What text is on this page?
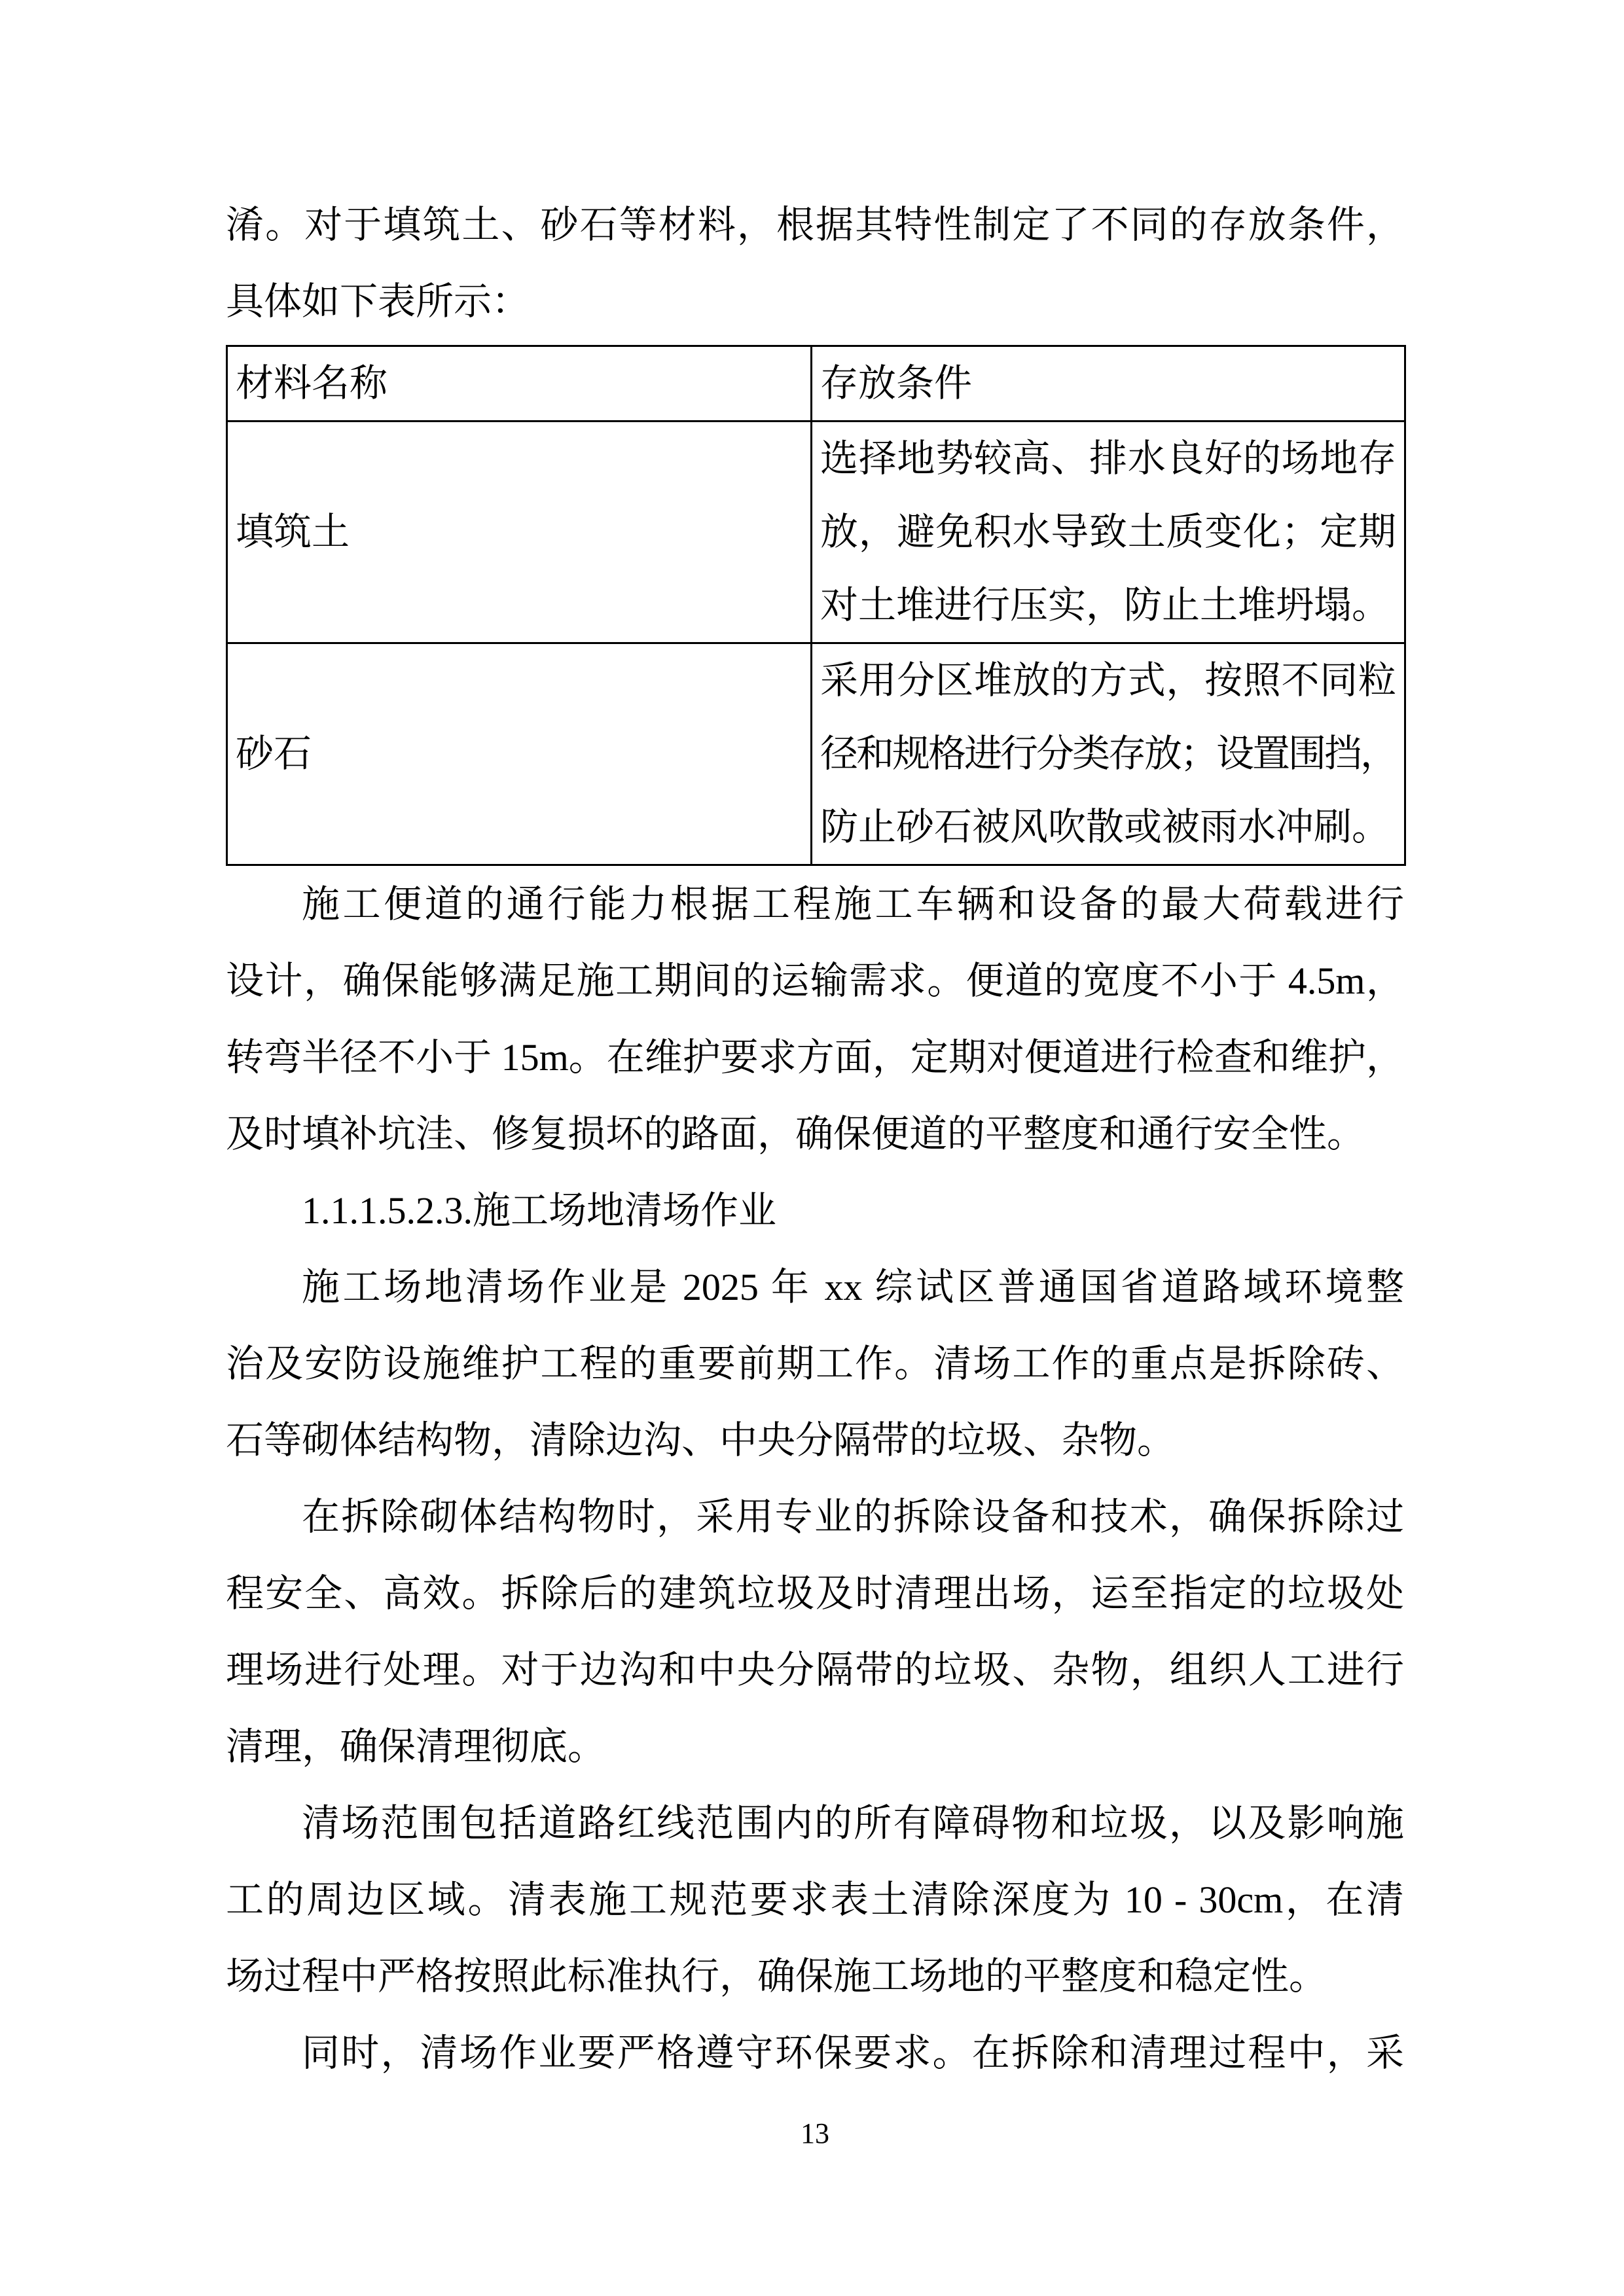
淆。对于填筑土、砂石等材料，根据其特性制定了不同的存放条件，
具体如下表所示：
材料名称	存放条件

填筑土	选择地势较高、排水良好的场地存
放，避免积水导致土质变化；定期
对土堆进行压实，防止土堆坍塌。

砂石	采用分区堆放的方式，按照不同粒
径和规格进行分类存放；设置围挡，
防止砂石被风吹散或被雨水冲刷。
施工便道的通行能力根据工程施工车辆和设备的最大荷载进行
设计，确保能够满足施工期间的运输需求。便道的宽度不小于 4.5m，
转弯半径不小于 15m。在维护要求方面，定期对便道进行检查和维护，
及时填补坑洼、修复损坏的路面，确保便道的平整度和通行安全性。
1.1.1.5.2.3.施工场地清场作业
施工场地清场作业是 2025 年 xx 综试区普通国省道路域环境整
治及安防设施维护工程的重要前期工作。清场工作的重点是拆除砖、
石等砌体结构物，清除边沟、中央分隔带的垃圾、杂物。
在拆除砌体结构物时，采用专业的拆除设备和技术，确保拆除过
程安全、高效。拆除后的建筑垃圾及时清理出场，运至指定的垃圾处
理场进行处理。对于边沟和中央分隔带的垃圾、杂物，组织人工进行
清理，确保清理彻底。
清场范围包括道路红线范围内的所有障碍物和垃圾，以及影响施
工的周边区域。清表施工规范要求表土清除深度为 10 - 30cm，在清
场过程中严格按照此标准执行，确保施工场地的平整度和稳定性。
同时，清场作业要严格遵守环保要求。在拆除和清理过程中，采
13
